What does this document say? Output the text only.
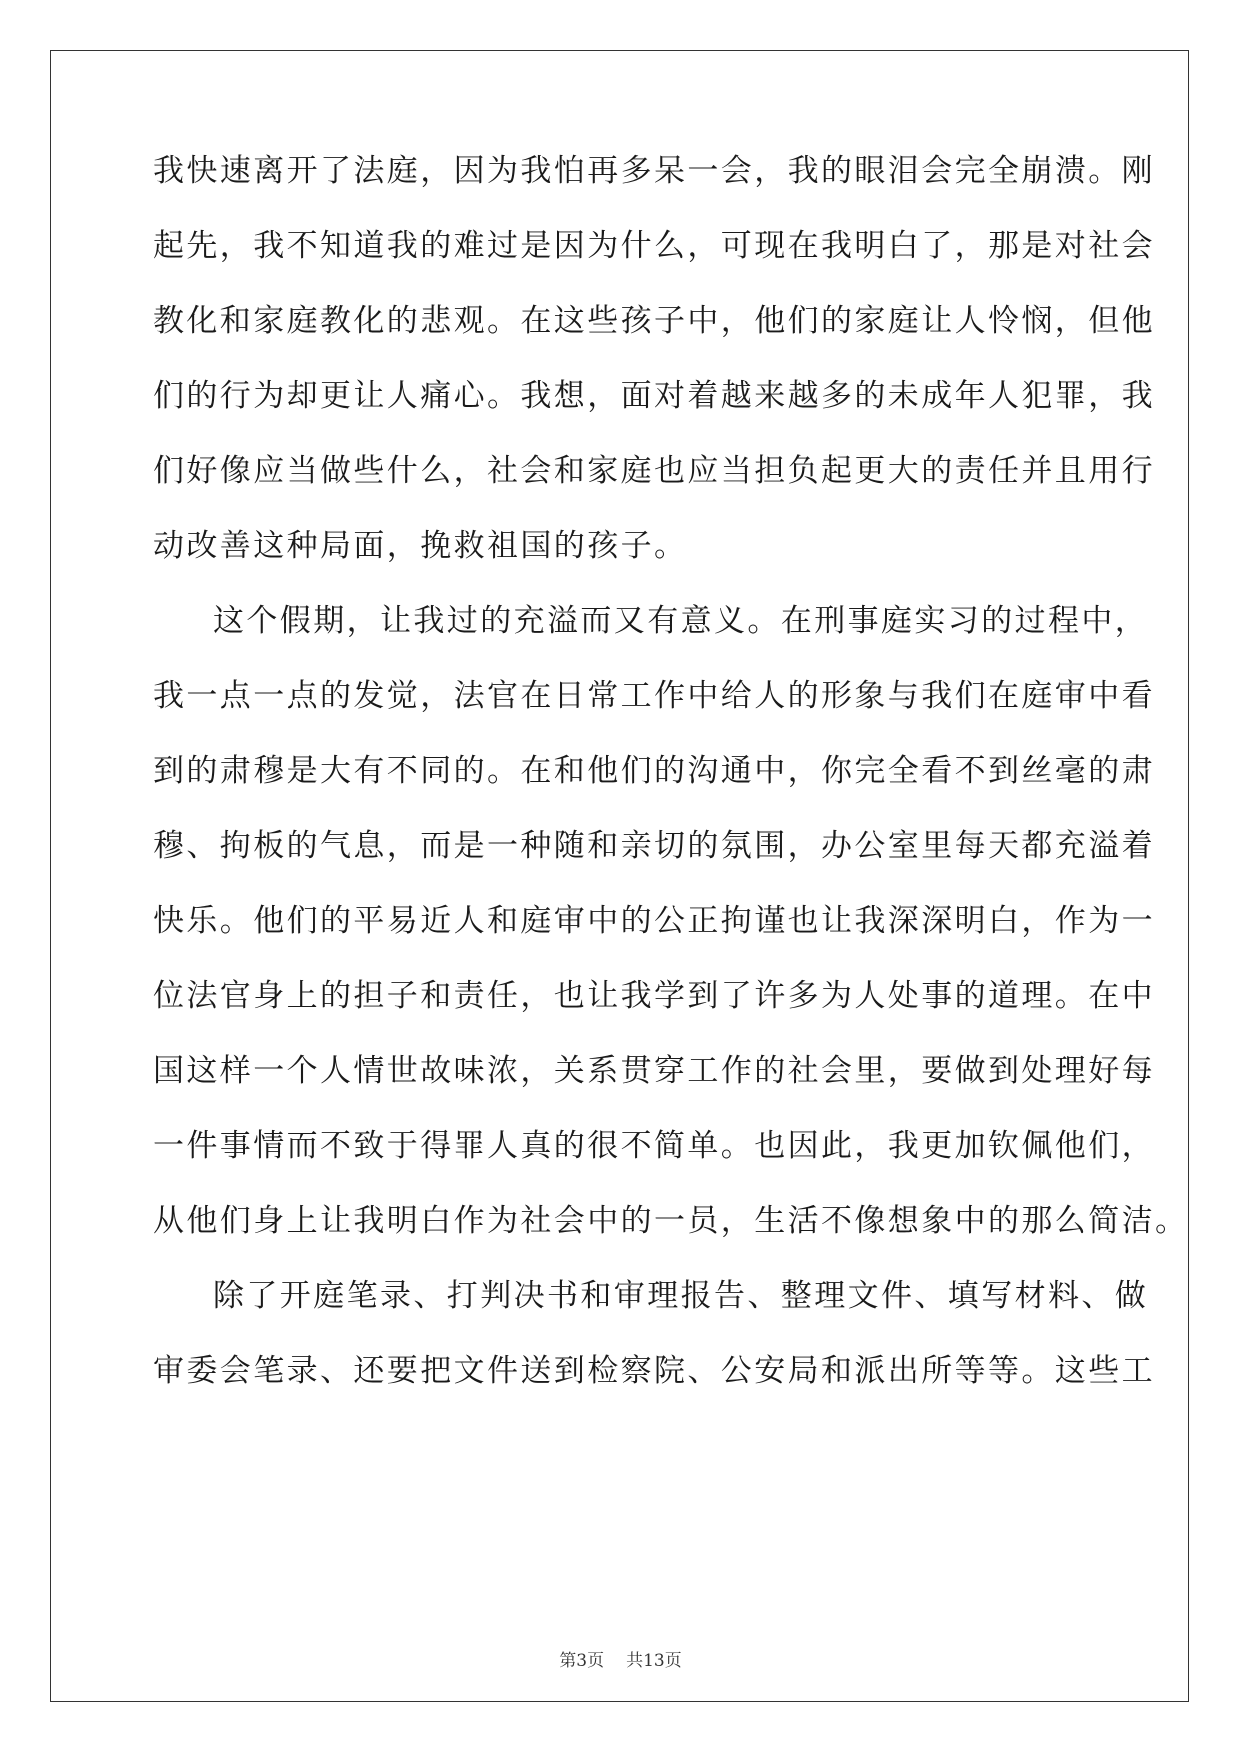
我快速离开了法庭，因为我怕再多呆一会，我的眼泪会完全崩溃。刚
起先，我不知道我的难过是因为什么，可现在我明白了，那是对社会
教化和家庭教化的悲观。在这些孩子中，他们的家庭让人怜悯，但他
们的行为却更让人痛心。我想，面对着越来越多的未成年人犯罪，我
们好像应当做些什么，社会和家庭也应当担负起更大的责任并且用行
动改善这种局面，挽救祖国的孩子。
这个假期，让我过的充溢而又有意义。在刑事庭实习的过程中，
我一点一点的发觉，法官在日常工作中给人的形象与我们在庭审中看
到的肃穆是大有不同的。在和他们的沟通中，你完全看不到丝毫的肃
穆、拘板的气息，而是一种随和亲切的氛围，办公室里每天都充溢着
快乐。他们的平易近人和庭审中的公正拘谨也让我深深明白，作为一
位法官身上的担子和责任，也让我学到了许多为人处事的道理。在中
国这样一个人情世故味浓，关系贯穿工作的社会里，要做到处理好每
一件事情而不致于得罪人真的很不简单。也因此，我更加钦佩他们，
从他们身上让我明白作为社会中的一员，生活不像想象中的那么简洁。
除了开庭笔录、打判决书和审理报告、整理文件、填写材料、做
审委会笔录、还要把文件送到检察院、公安局和派出所等等。这些工
第3页 共13页
